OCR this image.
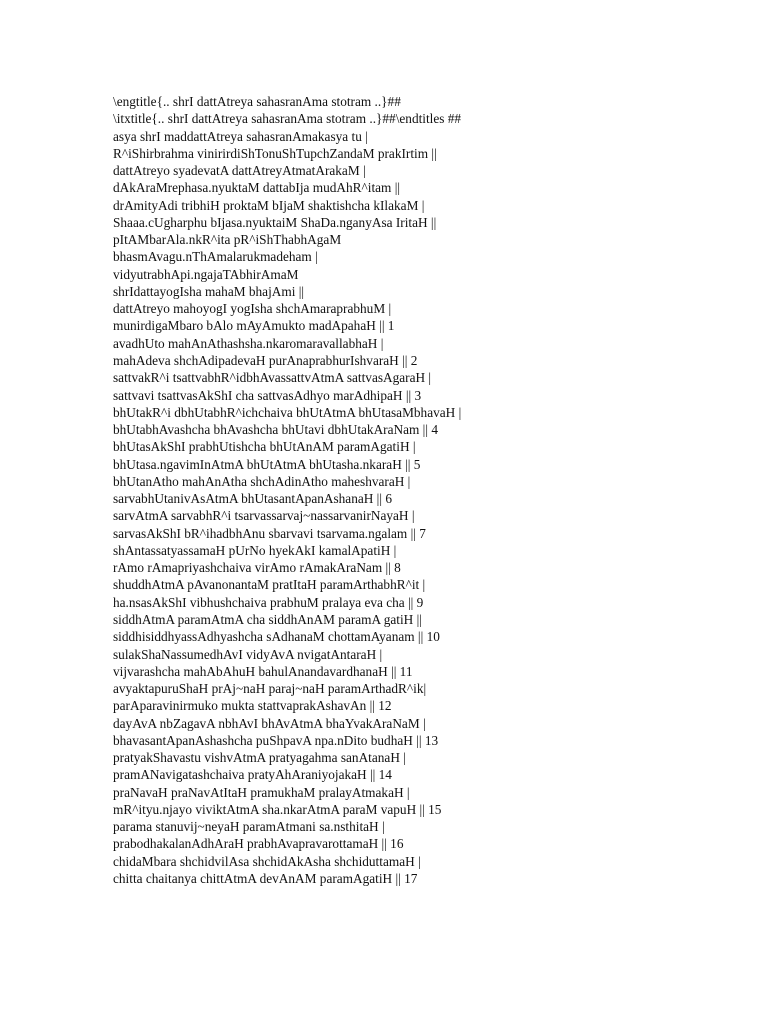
\engtitle{.. shrI dattAtreya sahasranAma stotram ..}##
\itxtitle{.. shrI dattAtreya sahasranAma stotram ..}##\endtitles ##
asya shrI maddattAtreya sahasranAmakasya tu |
R^iShirbrahma vinirirdiShTonuShTupchZandaM prakIrtim ||
dattAtreyo syadevatA dattAtreyAtmatArakaM |
dAkAraMrephasa.nyuktaM dattabIja mudAhR^itam ||
drAmityAdi tribhiH proktaM bIjaM shaktishcha kIlakaM |
Shaaa.cUgharphu bIjasa.nyuktaiM ShaDa.nganyAsa IritaH ||
pItAMbarAla.nkR^ita pR^iShThabhAgaM
bhasmAvagu.nThAmalarukmadeham |
vidyutrabhApi.ngajaTAbhirAmaM
shrIdattayogIsha mahaM bhajAmi ||
dattAtreyo mahoyogI yogIsha shchAmaraprabhuM |
munirdigaMbaro bAlo mAyAmukto madApahaH || 1
avadhUto mahAnAthashsha.nkaromaravallabhaH |
mahAdeva shchAdipadevaH purAnaprabhurIshvaraH || 2
sattvakR^i tsattvabhR^idbhAvassattvAtmA sattvasAgaraH |
sattvavi tsattvasAkShI cha sattvasAdhyo marAdhipaH || 3
bhUtakR^i dbhUtabhR^ichchaiva bhUtAtmA bhUtasaMbhavaH |
bhUtabhAvashcha bhAvashcha bhUtavi dbhUtakAraNam || 4
bhUtasAkShI prabhUtishcha bhUtAnAM paramAgatiH |
bhUtasa.ngavimInAtmA bhUtAtmA bhUtasha.nkaraH || 5
bhUtanAtho mahAnAtha shchAdinAtho maheshvaraH |
sarvabhUtanivAsAtmA bhUtasantApanAshanaH || 6
sarvAtmA sarvabhR^i tsarvassarvaj~nassarvanirNayaH |
sarvasAkShI bR^ihadbhAnu sbarvavi tsarvama.ngalam || 7
shAntassatyassamaH pUrNo hyekAkI kamalApatiH |
rAmo rAmapriyashchaiva virAmo rAmakAraNam || 8
shuddhAtmA pAvanonantaM pratItaH paramArthabhR^it |
ha.nsasAkShI vibhushchaiva prabhuM pralaya eva cha || 9
siddhAtmA paramAtmA cha siddhAnAM paramA gatiH ||
siddhisiddhyassAdhyashcha sAdhanaM chottamAyanam || 10
sulakShaNassumedhAvI vidyAvA nvigatAntaraH |
vijvarashcha mahAbAhuH bahulAnandavardhanaH || 11
avyaktapuruShaH prAj~naH paraj~naH paramArthadR^ik|
parAparavinirmuko mukta stattvaprakAshavAn || 12
dayAvA nbZagavA nbhAvI bhAvAtmA bhaYvakAraNaM |
bhavasantApanAshashcha puShpavA npa.nDito budhaH || 13
pratyakShavastu vishvAtmA pratyagahma sanAtanaH |
pramANavigatashchaiva pratyAhAraniyojakaH || 14
praNavaH praNavAtItaH pramukhaM pralayAtmakaH |
mR^ityu.njayo viviktAtmA sha.nkarAtmA paraM vapuH || 15
parama stanuvij~neyaH paramAtmani sa.nsthitaH |
prabodhakalanAdhAraH prabhAvapravarottamaH || 16
chidaMbara shchidvilAsa shchidAkAsha shchiduttamaH |
chitta chaitanya chittAtmA devAnAM paramAgatiH || 17
